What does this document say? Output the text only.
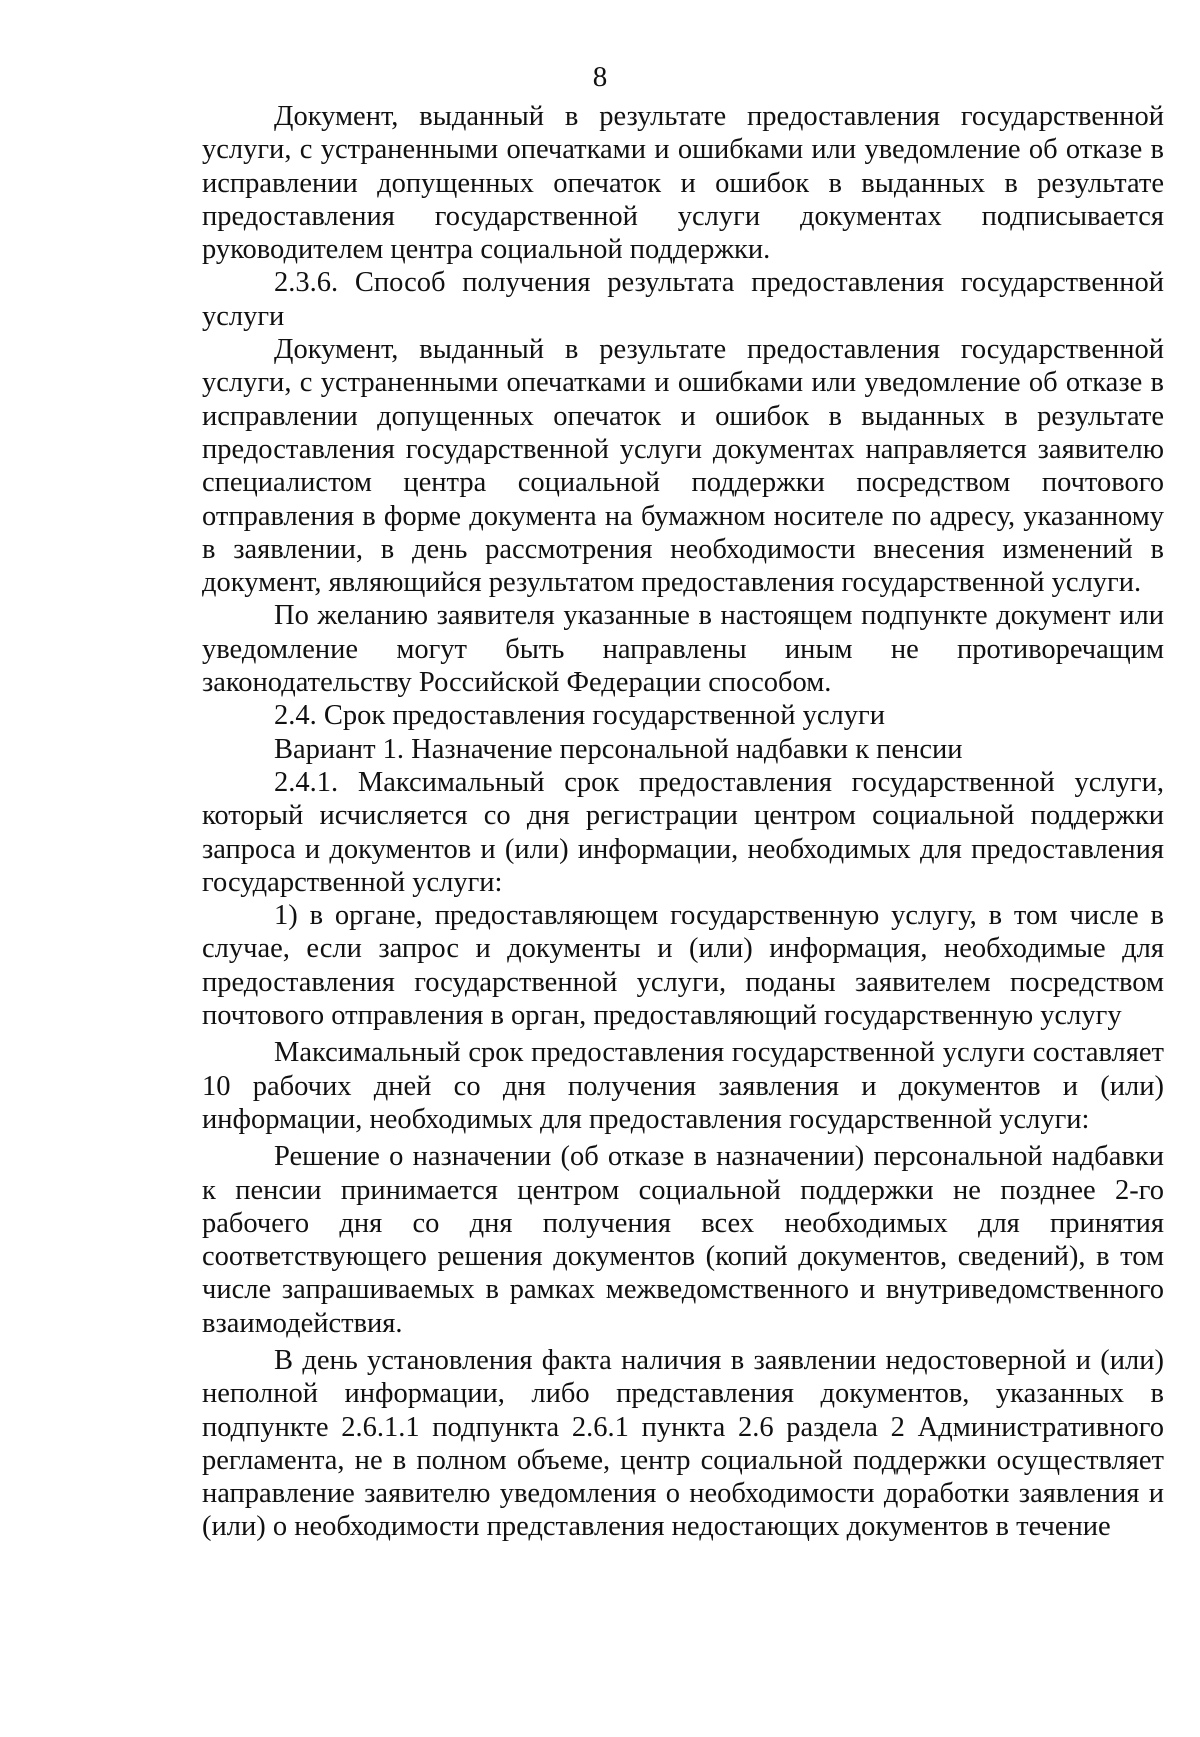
8

Документ, выданный в результате предоставления государственной услуги, с устраненными опечатками и ошибками или уведомление об отказе в исправлении допущенных опечаток и ошибок в выданных в результате предоставления государственной услуги документах подписывается руководителем центра социальной поддержки.

2.3.6. Способ получения результата предоставления государственной услуги

Документ, выданный в результате предоставления государственной услуги, с устраненными опечатками и ошибками или уведомление об отказе в исправлении допущенных опечаток и ошибок в выданных в результате предоставления государственной услуги документах направляется заявителю специалистом центра социальной поддержки посредством почтового отправления в форме документа на бумажном носителе по адресу, указанному в заявлении, в день рассмотрения необходимости внесения изменений в документ, являющийся результатом предоставления государственной услуги.

По желанию заявителя указанные в настоящем подпункте документ или уведомление могут быть направлены иным не противоречащим законодательству Российской Федерации способом.

2.4. Срок предоставления государственной услуги

Вариант 1. Назначение персональной надбавки к пенсии

2.4.1. Максимальный срок предоставления государственной услуги, который исчисляется со дня регистрации центром социальной поддержки запроса и документов и (или) информации, необходимых для предоставления государственной услуги:

1) в органе, предоставляющем государственную услугу, в том числе в случае, если запрос и документы и (или) информация, необходимые для предоставления государственной услуги, поданы заявителем посредством почтового отправления в орган, предоставляющий государственную услугу

Максимальный срок предоставления государственной услуги составляет 10 рабочих дней со дня получения заявления и документов и (или) информации, необходимых для предоставления государственной услуги:

Решение о назначении (об отказе в назначении) персональной надбавки к пенсии принимается центром социальной поддержки не позднее 2-го рабочего дня со дня получения всех необходимых для принятия соответствующего решения документов (копий документов, сведений), в том числе запрашиваемых в рамках межведомственного и внутриведомственного взаимодействия.

В день установления факта наличия в заявлении недостоверной и (или) неполной информации, либо представления документов, указанных в подпункте 2.6.1.1 подпункта 2.6.1 пункта 2.6 раздела 2 Административного регламента, не в полном объеме, центр социальной поддержки осуществляет направление заявителю уведомления о необходимости доработки заявления и (или) о необходимости представления недостающих документов в течение
